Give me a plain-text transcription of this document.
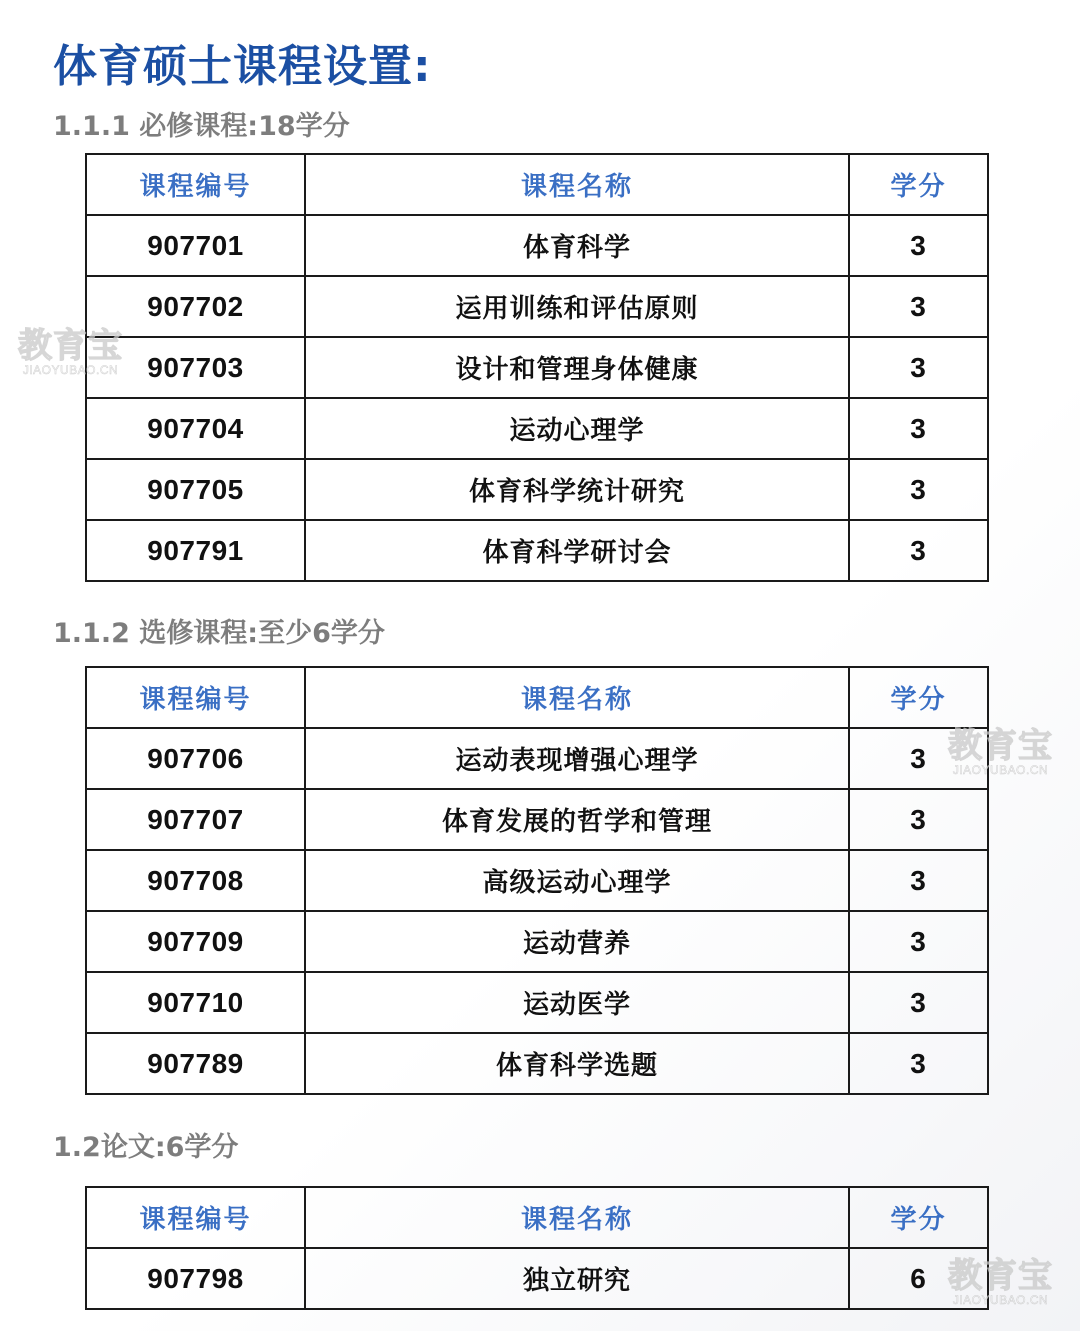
体育硕士课程设置:
1.1.1 必修课程:18学分
课程编号	课程名称	学分
907701	体育科学	3
907702	运用训练和评估原则	3
907703	设计和管理身体健康	3
907704	运动心理学	3
907705	体育科学统计研究	3
907791	体育科学研讨会	3
1.1.2 选修课程:至少6学分
课程编号	课程名称	学分
907706	运动表现增强心理学	3
907707	体育发展的哲学和管理	3
907708	高级运动心理学	3
907709	运动营养	3
907710	运动医学	3
907789	体育科学选题	3
1.2论文:6学分
课程编号	课程名称	学分
907798	独立研究	6
教育宝
JIAOYUBAO.CN
教育宝
JIAOYUBAO.CN
教育宝
JIAOYUBAO.CN
